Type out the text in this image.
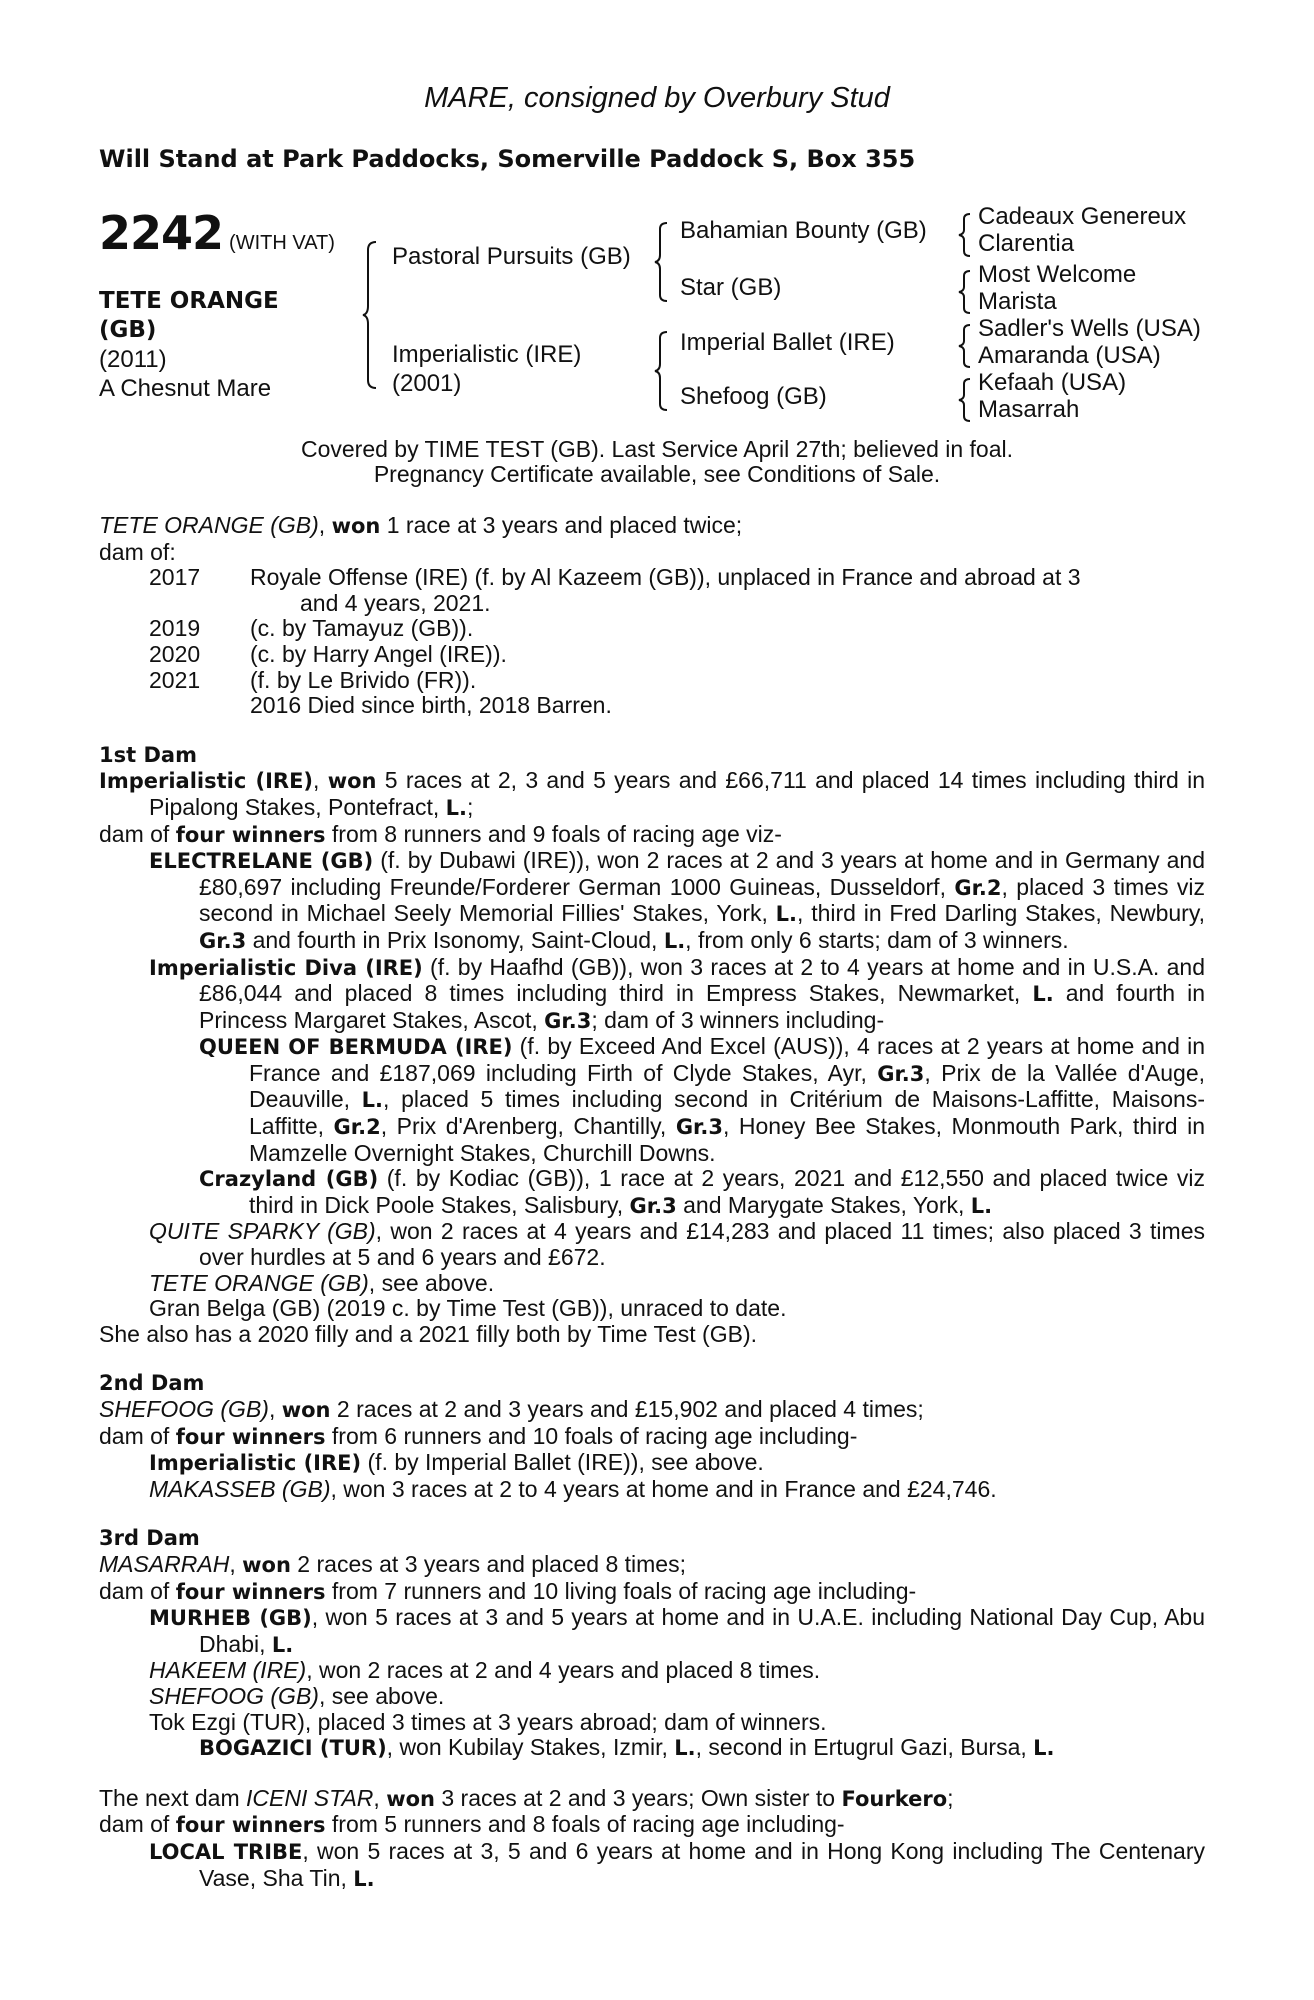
MARE, consigned by Overbury Stud
Will Stand at Park Paddocks, Somerville Paddock S, Box 355
2242 (WITH VAT)
TETE ORANGE
(GB)
(2011)
A Chesnut Mare
Pastoral Pursuits (GB)
Imperialistic (IRE)
(2001)
Bahamian Bounty (GB)
Star (GB)
Imperial Ballet (IRE)
Shefoog (GB)
Cadeaux Genereux
Clarentia
Most Welcome
Marista
Sadler's Wells (USA)
Amaranda (USA)
Kefaah (USA)
Masarrah
Covered by TIME TEST (GB). Last Service April 27th; believed in foal.
Pregnancy Certificate available, see Conditions of Sale.

TETE ORANGE (GB), won 1 race at 3 years and placed twice;

dam of:

2017	Royale Offense (IRE) (f. by Al Kazeem (GB)), unplaced in France and abroad at 3
and 4 years, 2021.
2019	(c. by Tamayuz (GB)).
2020	(c. by Harry Angel (IRE)).
2021	(f. by Le Brivido (FR)).

2016 Died since birth, 2018 Barren.

1st Dam

Imperialistic (IRE), won 5 races at 2, 3 and 5 years and £66,711 and placed 14 times including third in Pipalong Stakes, Pontefract, L.;

dam of four winners from 8 runners and 9 foals of racing age viz-

ELECTRELANE (GB) (f. by Dubawi (IRE)), won 2 races at 2 and 3 years at home and in Germany and £80,697 including Freunde/Forderer German 1000 Guineas, Dusseldorf, Gr.2, placed 3 times viz second in Michael Seely Memorial Fillies' Stakes, York, L., third in Fred Darling Stakes, Newbury, Gr.3 and fourth in Prix Isonomy, Saint-Cloud, L., from only 6 starts; dam of 3 winners.

Imperialistic Diva (IRE) (f. by Haafhd (GB)), won 3 races at 2 to 4 years at home and in U.S.A. and £86,044 and placed 8 times including third in Empress Stakes, Newmarket, L. and fourth in Princess Margaret Stakes, Ascot, Gr.3; dam of 3 winners including-

QUEEN OF BERMUDA (IRE) (f. by Exceed And Excel (AUS)), 4 races at 2 years at home and in France and £187,069 including Firth of Clyde Stakes, Ayr, Gr.3, Prix de la Vallée d'Auge, Deauville, L., placed 5 times including second in Critérium de Maisons-Laffitte, Maisons-Laffitte, Gr.2, Prix d'Arenberg, Chantilly, Gr.3, Honey Bee Stakes, Monmouth Park, third in Mamzelle Overnight Stakes, Churchill Downs.

Crazyland (GB) (f. by Kodiac (GB)), 1 race at 2 years, 2021 and £12,550 and placed twice viz third in Dick Poole Stakes, Salisbury, Gr.3 and Marygate Stakes, York, L.

QUITE SPARKY (GB), won 2 races at 4 years and £14,283 and placed 11 times; also placed 3 times over hurdles at 5 and 6 years and £672.

TETE ORANGE (GB), see above.

Gran Belga (GB) (2019 c. by Time Test (GB)), unraced to date.

She also has a 2020 filly and a 2021 filly both by Time Test (GB).

2nd Dam

SHEFOOG (GB), won 2 races at 2 and 3 years and £15,902 and placed 4 times;

dam of four winners from 6 runners and 10 foals of racing age including-

Imperialistic (IRE) (f. by Imperial Ballet (IRE)), see above.

MAKASSEB (GB), won 3 races at 2 to 4 years at home and in France and £24,746.

3rd Dam

MASARRAH, won 2 races at 3 years and placed 8 times;

dam of four winners from 7 runners and 10 living foals of racing age including-

MURHEB (GB), won 5 races at 3 and 5 years at home and in U.A.E. including National Day Cup, Abu Dhabi, L.

HAKEEM (IRE), won 2 races at 2 and 4 years and placed 8 times.

SHEFOOG (GB), see above.

Tok Ezgi (TUR), placed 3 times at 3 years abroad; dam of winners.

BOGAZICI (TUR), won Kubilay Stakes, Izmir, L., second in Ertugrul Gazi, Bursa, L.

The next dam ICENI STAR, won 3 races at 2 and 3 years; Own sister to Fourkero;

dam of four winners from 5 runners and 8 foals of racing age including-

LOCAL TRIBE, won 5 races at 3, 5 and 6 years at home and in Hong Kong including The Centenary Vase, Sha Tin, L.
